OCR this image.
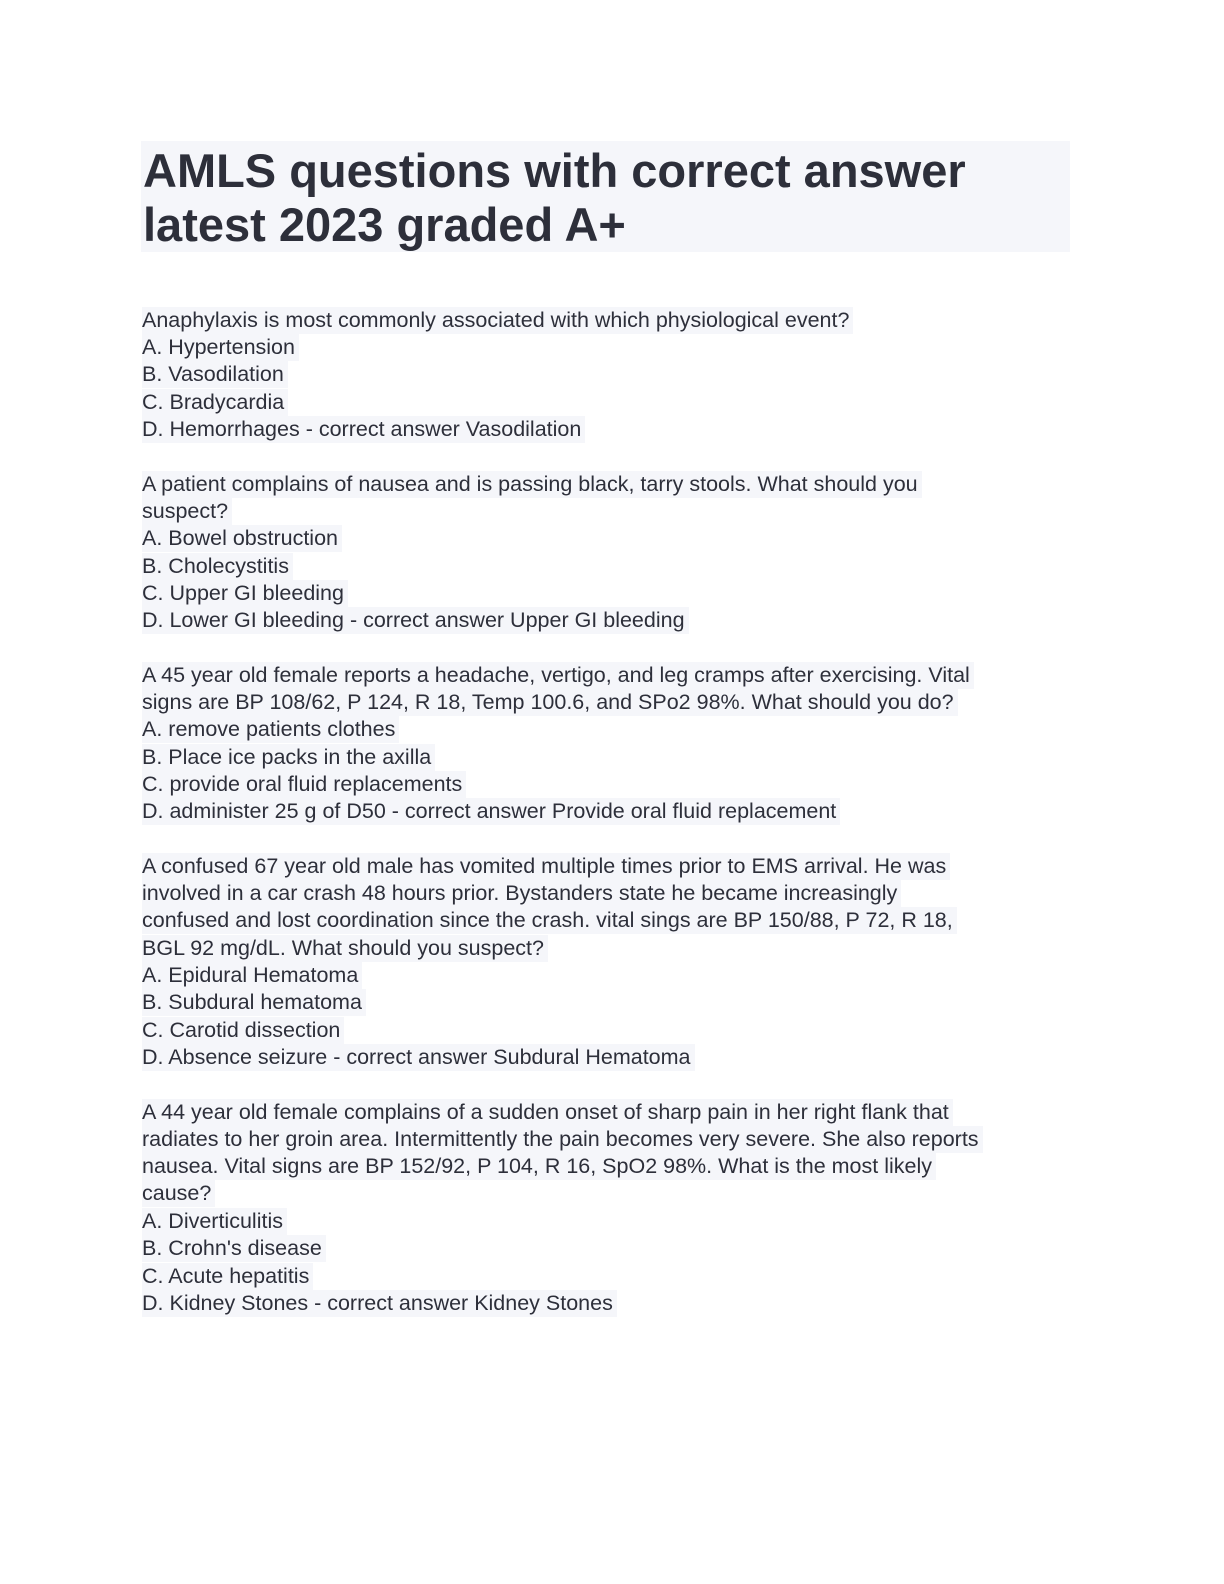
AMLS questions with correct answer
latest 2023 graded A+
Anaphylaxis is most commonly associated with which physiological event?
A. Hypertension
B. Vasodilation
C. Bradycardia
D. Hemorrhages - correct answer Vasodilation
A patient complains of nausea and is passing black, tarry stools. What should you
suspect?
A. Bowel obstruction
B. Cholecystitis
C. Upper GI bleeding
D. Lower GI bleeding - correct answer Upper GI bleeding
A 45 year old female reports a headache, vertigo, and leg cramps after exercising. Vital
signs are BP 108/62, P 124, R 18, Temp 100.6, and SPo2 98%. What should you do?
A. remove patients clothes
B. Place ice packs in the axilla
C. provide oral fluid replacements
D. administer 25 g of D50 - correct answer Provide oral fluid replacement
A confused 67 year old male has vomited multiple times prior to EMS arrival. He was
involved in a car crash 48 hours prior. Bystanders state he became increasingly
confused and lost coordination since the crash. vital sings are BP 150/88, P 72, R 18,
BGL 92 mg/dL. What should you suspect?
A. Epidural Hematoma
B. Subdural hematoma
C. Carotid dissection
D. Absence seizure - correct answer Subdural Hematoma
A 44 year old female complains of a sudden onset of sharp pain in her right flank that
radiates to her groin area. Intermittently the pain becomes very severe. She also reports
nausea. Vital signs are BP 152/92, P 104, R 16, SpO2 98%. What is the most likely
cause?
A. Diverticulitis
B. Crohn's disease
C. Acute hepatitis
D. Kidney Stones - correct answer Kidney Stones
